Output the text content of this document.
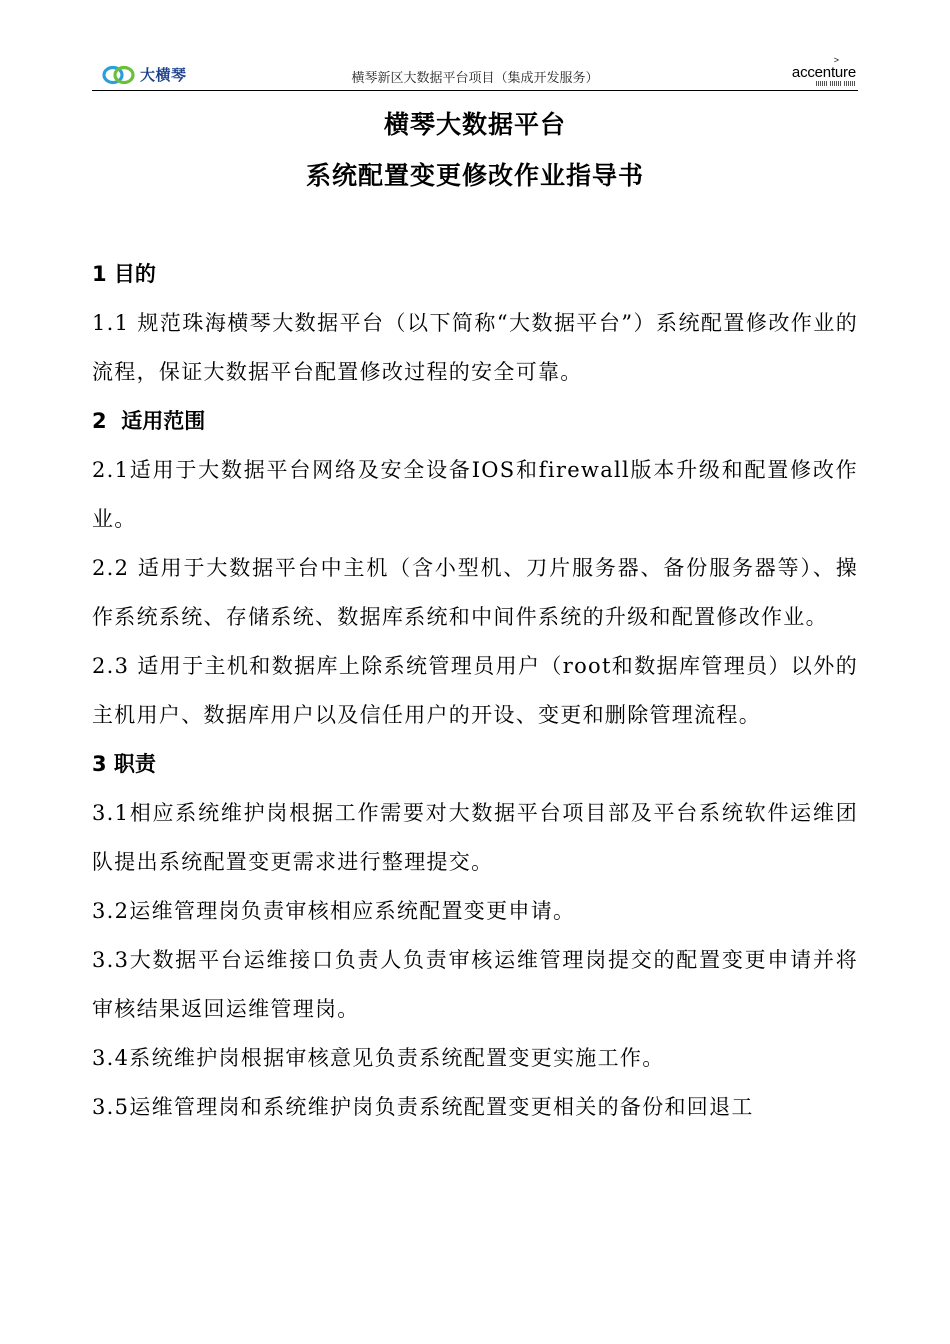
大横琴	横琴新区大数据平台项目（集成开发服务）
>
accenture
横琴大数据平台
系统配置变更修改作业指导书
1 目的

1.1 规范珠海横琴大数据平台（以下简称“大数据平台”）系统配置修改作业的流程，保证大数据平台配置修改过程的安全可靠。

2  适用范围

2.1适用于大数据平台网络及安全设备IOS和firewall版本升级和配置修改作业。

2.2 适用于大数据平台中主机（含小型机、刀片服务器、备份服务器等）、操作系统系统、存储系统、数据库系统和中间件系统的升级和配置修改作业。

2.3 适用于主机和数据库上除系统管理员用户（root和数据库管理员）以外的主机用户、数据库用户以及信任用户的开设、变更和删除管理流程。

3 职责

3.1相应系统维护岗根据工作需要对大数据平台项目部及平台系统软件运维团队提出系统配置变更需求进行整理提交。

3.2运维管理岗负责审核相应系统配置变更申请。

3.3大数据平台运维接口负责人负责审核运维管理岗提交的配置变更申请并将审核结果返回运维管理岗。

3.4系统维护岗根据审核意见负责系统配置变更实施工作。

3.5运维管理岗和系统维护岗负责系统配置变更相关的备份和回退工
